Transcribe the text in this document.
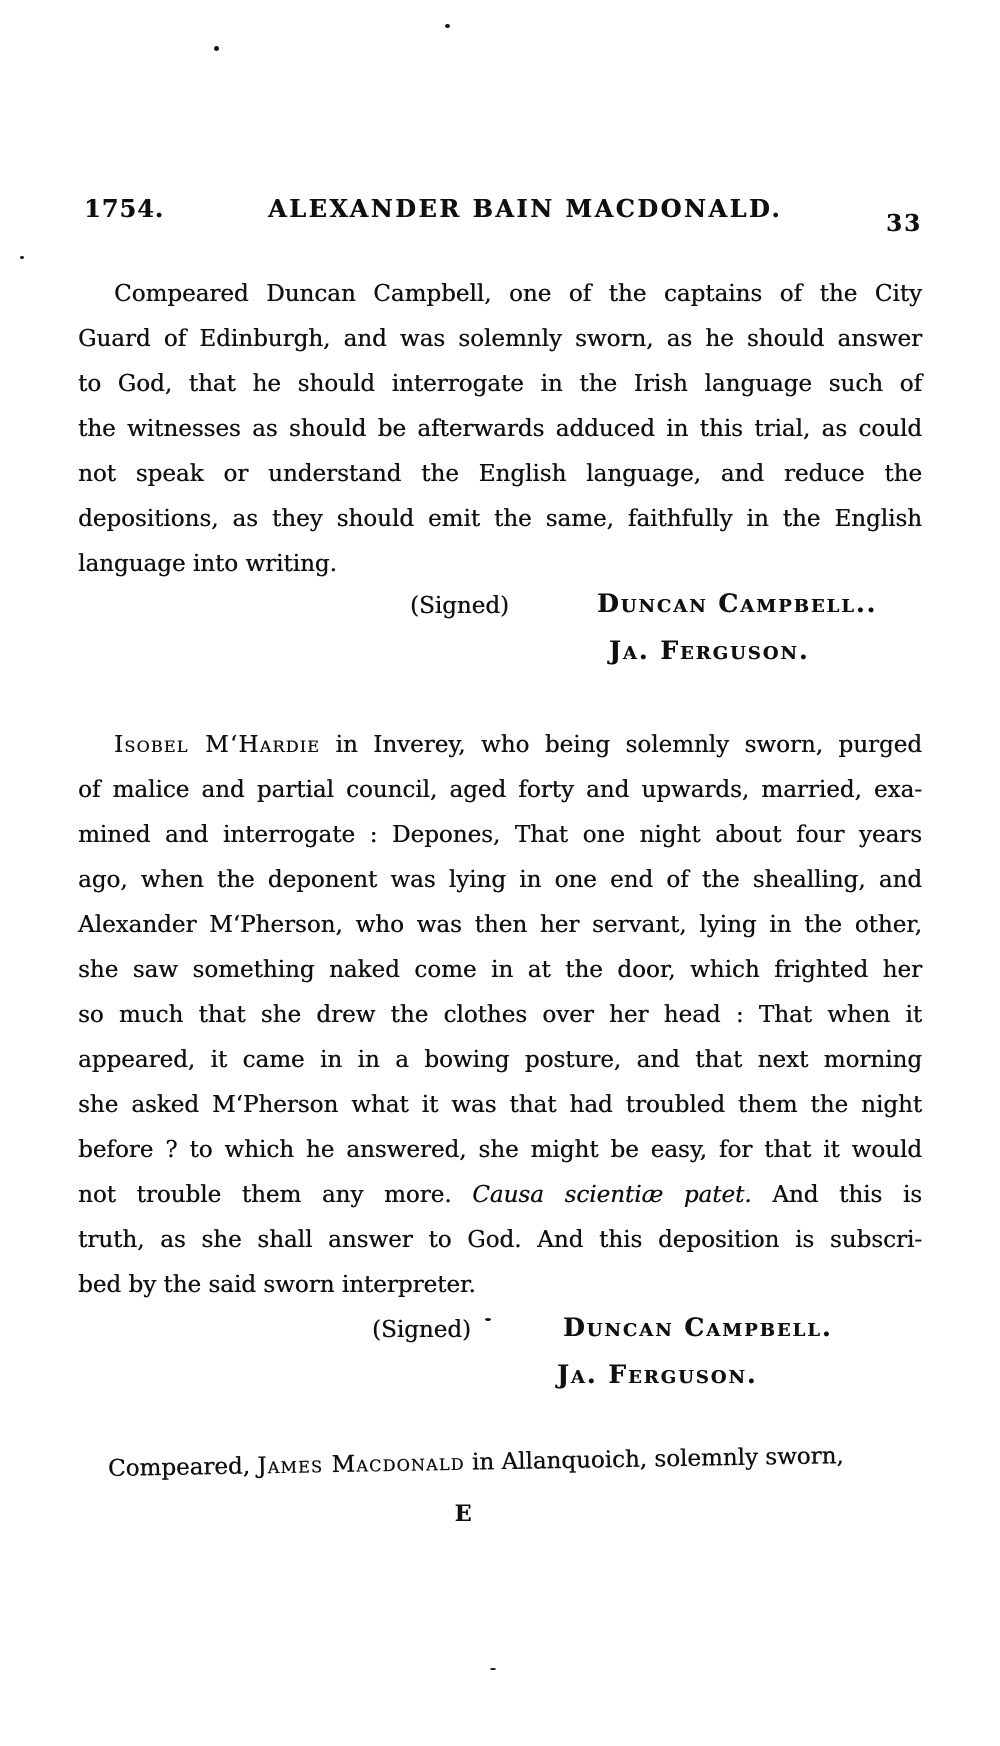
1754.	ALEXANDER BAIN MACDONALD.
33
Compeared Duncan Campbell, one of the captains of the City
Guard of Edinburgh, and was solemnly sworn, as he should answer
to God, that he should interrogate in the Irish language such of
the witnesses as should be afterwards adduced in this trial, as could
not speak or understand the English language, and reduce the
depositions, as they should emit the same, faithfully in the English
language into writing.
(Signed)	Duncan Campbell..
Ja. Ferguson.
Isobel M‘Hardie in Inverey, who being solemnly sworn, purged
of malice and partial council, aged forty and upwards, married, exa-
mined and interrogate : Depones, That one night about four years
ago, when the deponent was lying in one end of the shealling, and
Alexander M‘Pherson, who was then her servant, lying in the other,
she saw something naked come in at the door, which frighted her
so much that she drew the clothes over her head : That when it
appeared, it came in in a bowing posture, and that next morning
she asked M‘Pherson what it was that had troubled them the night
before ? to which he answered, she might be easy, for that it would
not trouble them any more. Causa scientiæ patet. And this is
truth, as she shall answer to God. And this deposition is subscri-
bed by the said sworn interpreter.
(Signed)	Duncan Campbell.
Ja. Ferguson.
Compeared, James Macdonald in Allanquoich, solemnly sworn,
E
